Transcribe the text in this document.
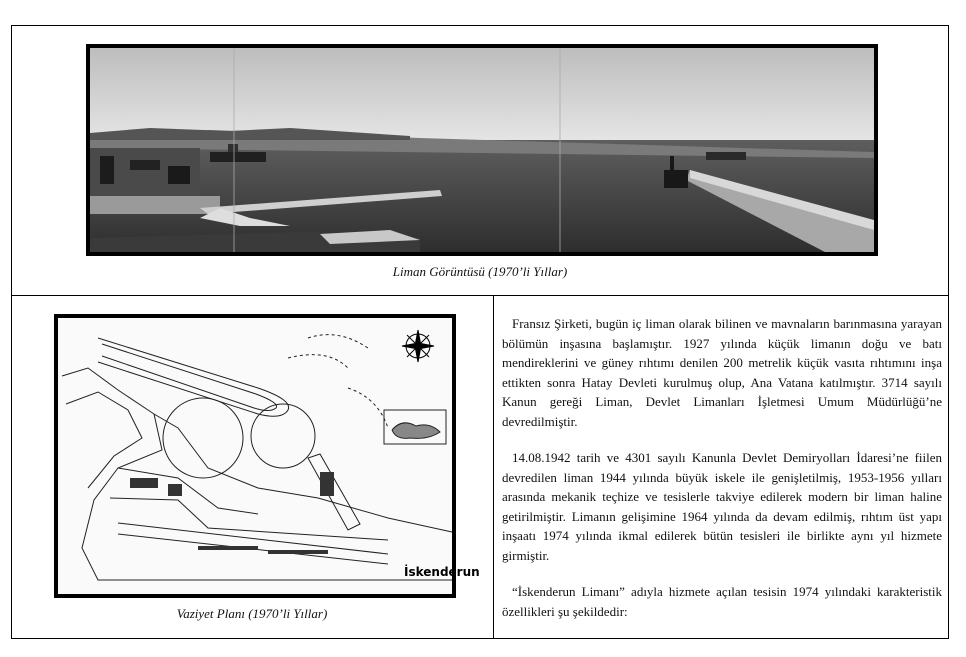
Liman Görüntüsü (1970’li Yıllar)
İskenderun
Vaziyet Planı (1970’li Yıllar)

Fransız Şirketi, bugün iç liman olarak bilinen ve mavnaların barınmasına yarayan bölümün inşasına başlamıştır. 1927 yılında küçük limanın doğu ve batı mendireklerini ve güney rıhtımı denilen 200 metrelik küçük vasıta rıhtımını inşa ettikten sonra Hatay Devleti kurulmuş olup, Ana Vatana katılmıştır. 3714 sayılı Kanun gereği Liman, Devlet Limanları İşletmesi Umum Müdürlüğü’ne devredilmiştir.

14.08.1942 tarih ve 4301 sayılı Kanunla Devlet Demiryolları İdaresi’ne fiilen devredilen liman 1944 yılında büyük iskele ile genişletilmiş, 1953-1956 yılları arasında mekanik teçhize ve tesislerle takviye edilerek modern bir liman haline getirilmiştir. Limanın gelişimine 1964 yılında da devam edilmiş, rıhtım üst yapı inşaatı 1974 yılında ikmal edilerek bütün tesisleri ile birlikte aynı yıl hizmete girmiştir.

“İskenderun Limanı” adıyla hizmete açılan tesisin 1974 yılındaki karakteristik özellikleri şu şekildedir:
